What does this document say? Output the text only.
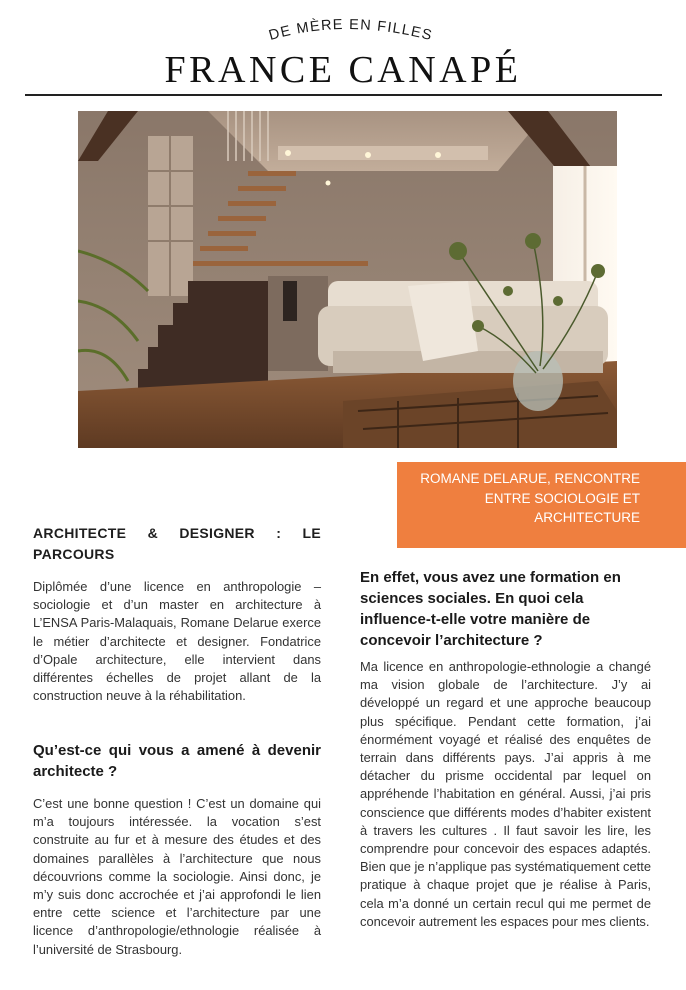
DE MÈRE EN FILLES
FRANCE CANAPÉ
ROMANE DELARUE, RENCONTRE ENTRE SOCIOLOGIE ET ARCHITECTURE
ARCHITECTE & DESIGNER : LE PARCOURS

Diplômée d’une licence en anthropologie – sociologie et d’un master en architecture à L’ENSA Paris-Malaquais, Romane Delarue exerce le métier d’architecte et designer. Fondatrice d’Opale architecture, elle intervient dans différentes échelles de projet allant de la construction neuve à la réhabilitation.

Qu’est-ce qui vous a amené à devenir architecte ?

C’est une bonne question ! C’est un domaine qui m’a toujours intéressée. la vocation s’est construite au fur et à mesure des études et des domaines parallèles à l’architecture que nous découvrions comme la sociologie. Ainsi donc, je m’y suis donc accrochée et j’ai approfondi le lien entre cette science et l’architecture par une licence d’anthropologie/ethnologie réalisée à l’université de Strasbourg.

En effet, vous avez une formation en sciences sociales. En quoi cela influence-t-elle votre manière de concevoir l’architecture ?

Ma licence en anthropologie-ethnologie a changé ma vision globale de l’architecture. J’y ai développé un regard et une approche beaucoup plus spécifique. Pendant cette formation, j’ai énormément voyagé et réalisé des enquêtes de terrain dans différents pays. J’ai appris à me détacher du prisme occidental par lequel on appréhende l’habitation en général. Aussi, j’ai pris conscience que différents modes d’habiter existent à travers les cultures . Il faut savoir les lire, les comprendre pour concevoir des espaces adaptés. Bien que je n’applique pas systématiquement cette pratique à chaque projet que je réalise à Paris, cela m’a donné un certain recul qui me permet de concevoir autrement les espaces pour mes clients.
